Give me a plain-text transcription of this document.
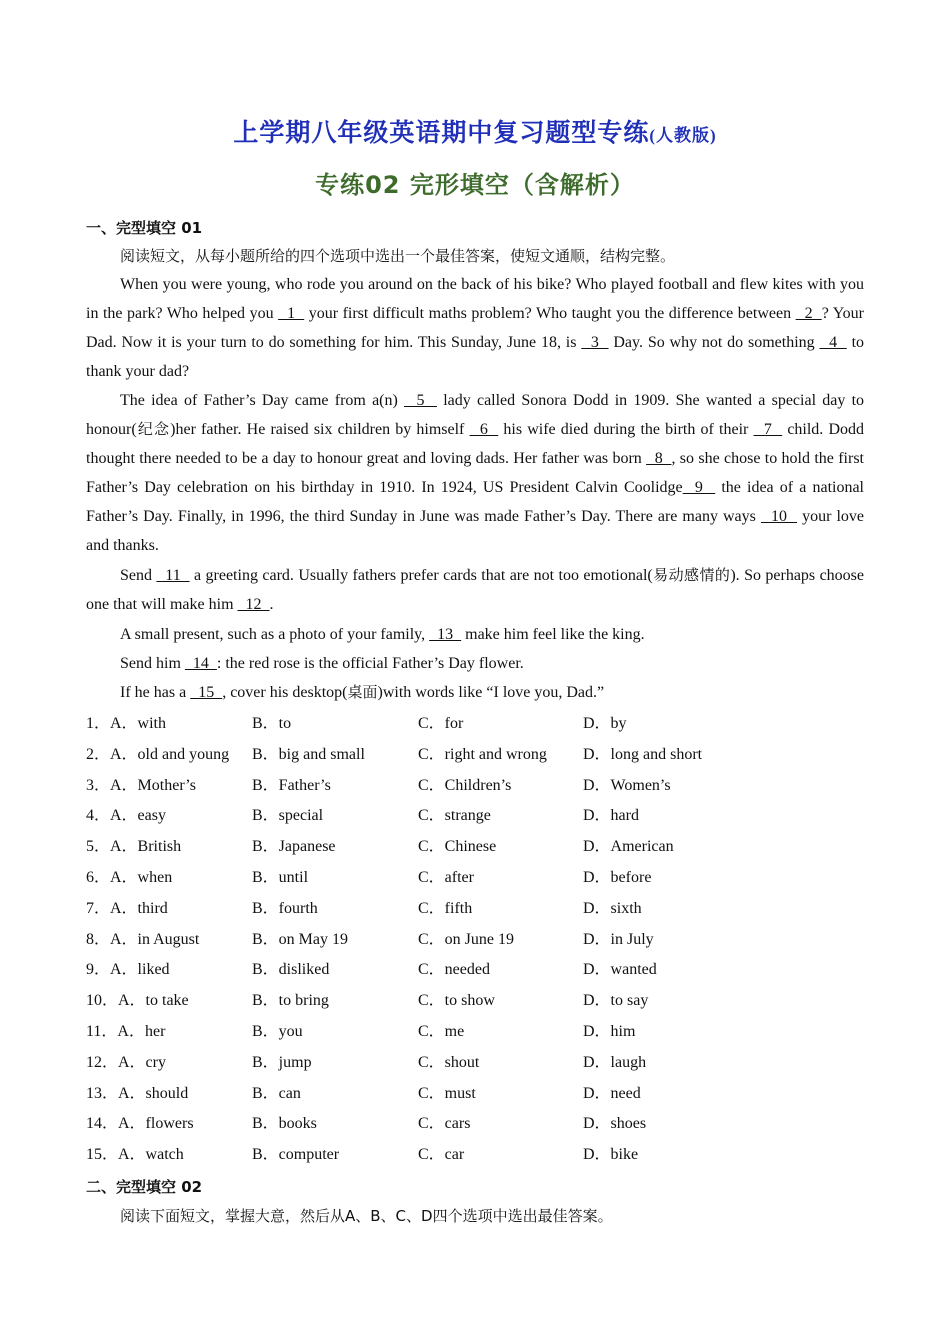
上学期八年级英语期中复习题型专练(人教版)
专练02 完形填空（含解析）
一、完型填空 01
阅读短文，从每小题所给的四个选项中选出一个最佳答案，使短文通顺，结构完整。
When you were young, who rode you around on the back of his bike? Who played football and flew kites with you in the park? Who helped you   1   your first difficult maths problem? Who taught you the difference between   2  ? Your Dad. Now it is your turn to do something for him. This Sunday, June 18, is   3   Day. So why not do something   4   to thank your dad?
The idea of Father’s Day came from a(n)   5   lady called Sonora Dodd in 1909. She wanted a special day to honour(纪念)her father. He raised six children by himself   6   his wife died during the birth of their   7   child. Dodd thought there needed to be a day to honour great and loving dads. Her father was born   8  , so she chose to hold the first Father’s Day celebration on his birthday in 1910. In 1924, US President Calvin Coolidge  9   the idea of a national Father’s Day. Finally, in 1996, the third Sunday in June was made Father’s Day. There are many ways   10   your love and thanks.
Send   11   a greeting card. Usually fathers prefer cards that are not too emotional(易动感情的). So perhaps choose one that will make him   12  .
A small present, such as a photo of your family,   13   make him feel like the king.
Send him   14  : the red rose is the official Father’s Day flower.
If he has a   15  , cover his desktop(桌面)with words like “I love you, Dad.”
1．A．with	B．to	C．for	D．by
2．A．old and young B．big and small	C．right and wrong D．long and short
3．A．Mother’s	B．Father’s	C．Children’s	D．Women’s
4．A．easy	B．special	C．strange	D．hard
5．A．British	B．Japanese	C．Chinese	D．American
6．A．when	B．until	C．after	D．before
7．A．third	B．fourth	C．fifth	D．sixth
8．A．in August	B．on May 19	C．on June 19	D．in July
9．A．liked	B．disliked	C．needed	D．wanted
10．A．to take	B．to bring	C．to show	D．to say
11．A．her	B．you	C．me	D．him
12．A．cry	B．jump	C．shout	D．laugh
13．A．should	B．can	C．must	D．need
14．A．flowers	B．books	C．cars	D．shoes
15．A．watch	B．computer	C．car	D．bike
二、完型填空 02
阅读下面短文，掌握大意，然后从A、B、C、D四个选项中选出最佳答案。
